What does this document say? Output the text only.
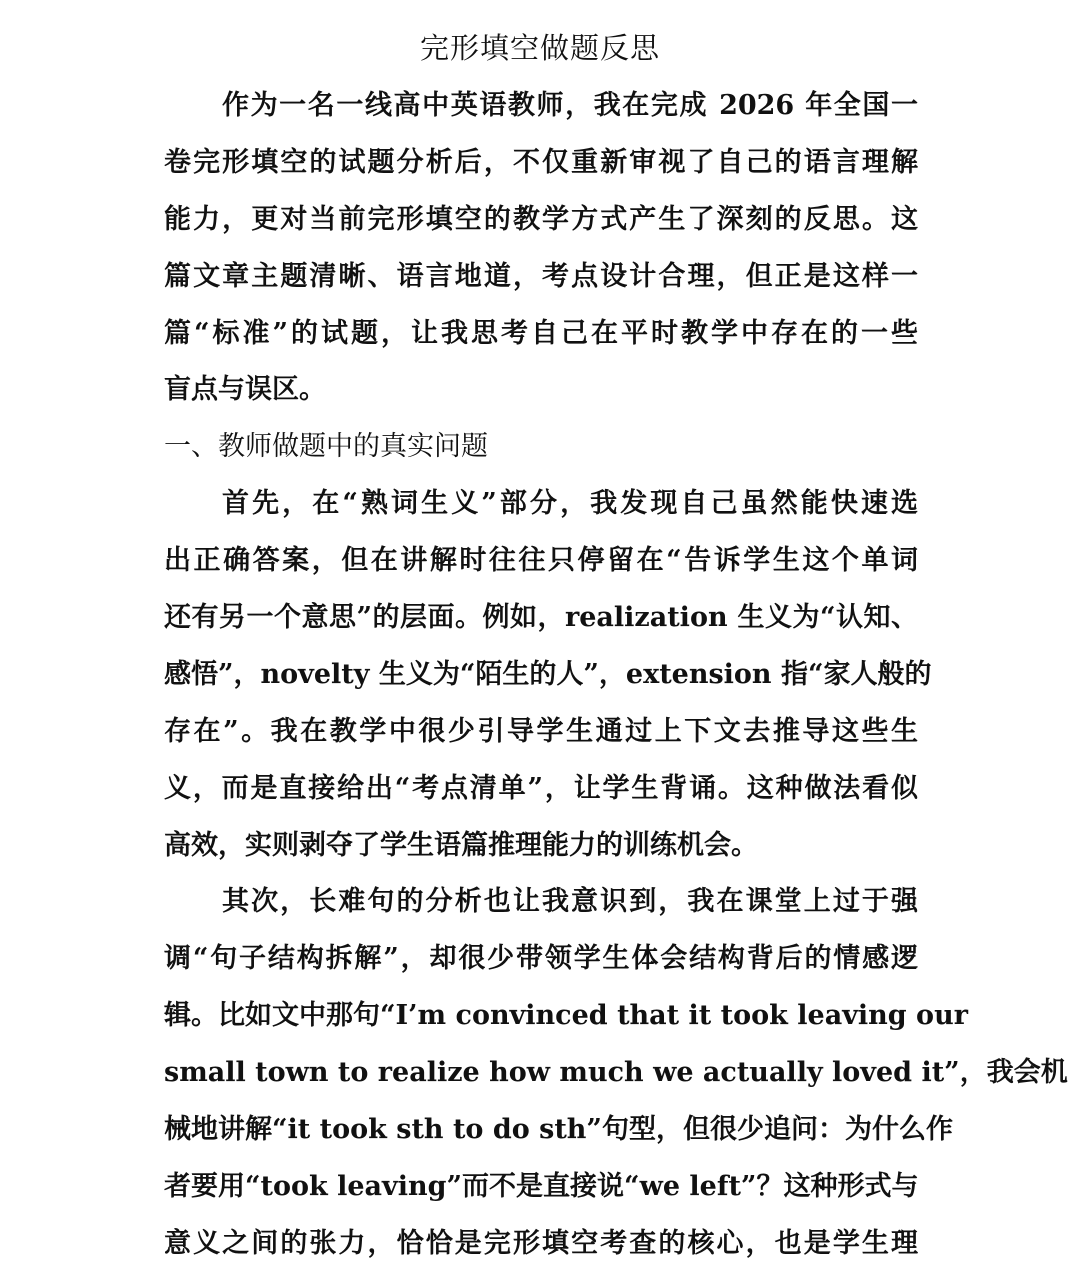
完形填空做题反思
作为一名一线高中英语教师，我在完成 2026 年全国一
卷完形填空的试题分析后，不仅重新审视了自己的语言理解
能力，更对当前完形填空的教学方式产生了深刻的反思。这
篇文章主题清晰、语言地道，考点设计合理，但正是这样一
篇“标准”的试题，让我思考自己在平时教学中存在的一些
盲点与误区。
一、教师做题中的真实问题
首先，在“熟词生义”部分，我发现自己虽然能快速选
出正确答案，但在讲解时往往只停留在“告诉学生这个单词
还有另一个意思”的层面。例如，realization 生义为“认知、
感悟”，novelty 生义为“陌生的人”，extension 指“家人般的
存在”。我在教学中很少引导学生通过上下文去推导这些生
义，而是直接给出“考点清单”，让学生背诵。这种做法看似
高效，实则剥夺了学生语篇推理能力的训练机会。
其次，长难句的分析也让我意识到，我在课堂上过于强
调“句子结构拆解”，却很少带领学生体会结构背后的情感逻
辑。比如文中那句“I’m convinced that it took leaving our
small town to realize how much we actually loved it”，我会机
械地讲解“it took sth to do sth”句型，但很少追问：为什么作
者要用“took leaving”而不是直接说“we left”？这种形式与
意义之间的张力，恰恰是完形填空考查的核心，也是学生理
